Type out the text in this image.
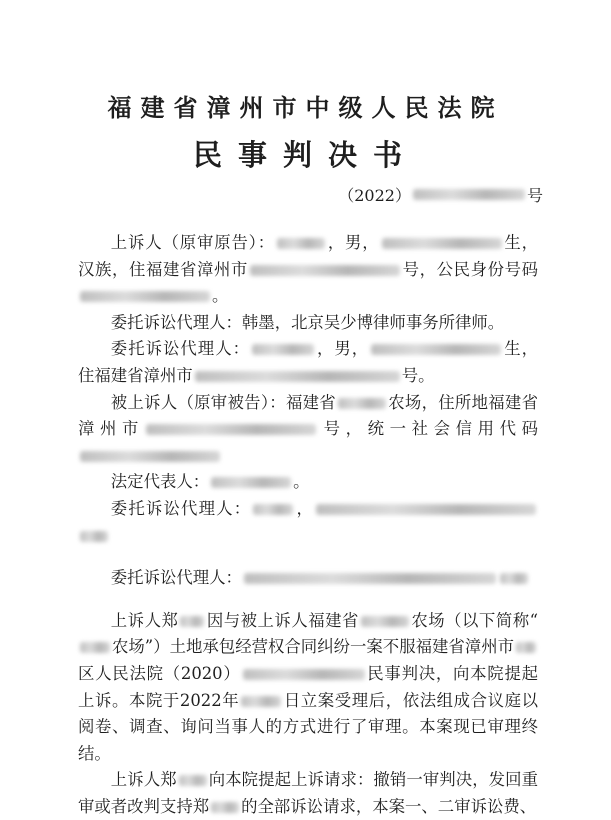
福建省漳州市中级人民法院
民事判决书
（2022）	号

上诉人（原审原告）：	，男，	生，汉族，住福建省漳州市	号，公民身份号码。

委托诉讼代理人：韩墨，北京吴少博律师事务所律师。

委托诉讼代理人：	，男，	生，住福建省漳州市	号。

被上诉人（原审被告）：福建省	农场，住所地福建省漳州市	号，统一社会信用代码

法定代表人：	。

委托诉讼代理人：	，

委托诉讼代理人：

上诉人郑 因与被上诉人福建省	农场（以下简称“农场”）土地承包经营权合同纠纷一案不服福建省漳州市区人民法院（2020）	民事判决，向本院提起上诉。本院于2022年	日立案受理后，依法组成合议庭以阅卷、调查、询问当事人的方式进行了审理。本案现已审理终结。

上诉人郑 向本院提起上诉请求：撤销一审判决，发回重审或者改判支持郑 的全部诉讼请求，本案一、二审诉讼费、
